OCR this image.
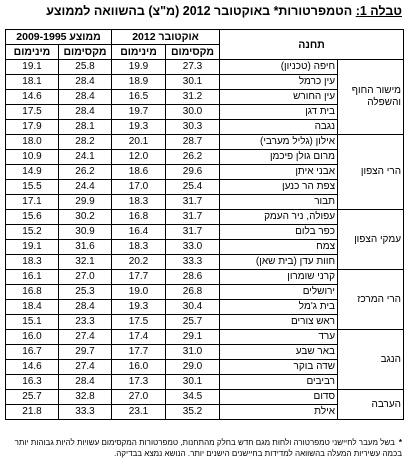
טבלה 1: הטמפרטורות* באוקטובר 2012 (מ"צ) בהשוואה לממוצע
תחנה		אוקטובר 2012		ממוצע 2009-1995	
		מקסימום	מינימום	מקסימום	מינימום
מישור החוף והשפלה	חיפה (טכניון)	27.3	19.9	25.8	19.1
	עין כרמל	30.1	18.9	28.4	18.1
	עין החורש	31.2	16.5	28.4	14.6
	בית דגן	30.0	19.7	28.4	17.5
	נגבה	30.3	19.3	28.1	17.9
הרי הצפון	אילון (גליל מערבי)	28.7	20.1	28.2	18.0
	מרום גולן פיכמן	26.2	12.0	24.1	10.9
	אבני איתן	29.6	18.6	26.2	14.9
	צפת הר כנען	25.4	17.0	24.4	15.5
	תבור	31.7	18.3	29.9	17.1
עמקי הצפון	עפולה, ניר העמק	31.7	16.8	30.2	15.6
	כפר בלום	31.7	16.4	30.9	15.2
	צמח	33.0	18.3	31.6	19.1
	חוות עדן (בית שאן)	33.3	20.2	32.1	18.3
הרי המרכז	קרני שומרון	28.6	17.7	27.0	16.1
	ירושלים	26.8	19.0	25.3	16.8
	בית ג'מל	30.4	19.3	28.4	18.4
	ראש צורים	25.7	17.5	23.3	15.1
הנגב	ערד	29.1	17.4	27.4	16.0
	באר שבע	31.0	17.7	29.7	16.7
	שדה בוקר	29.0	16.0	27.4	14.6
	רביבים	30.1	17.3	28.4	16.3
הערבה	סדום	34.5	27.0	32.8	25.7
	אילת	35.2	23.1	33.3	21.8
*בשל מעבר לחיישני טמפרטורה ולחות מגם חדש בחלק מהתחנות, טמפרטורות המקסימום עשויות להיות גבוהות יותר בכמה עשיריות המעלה בהשוואה למדידות בחיישנים הישנים יותר. הנושא נמצא בבדיקה.
